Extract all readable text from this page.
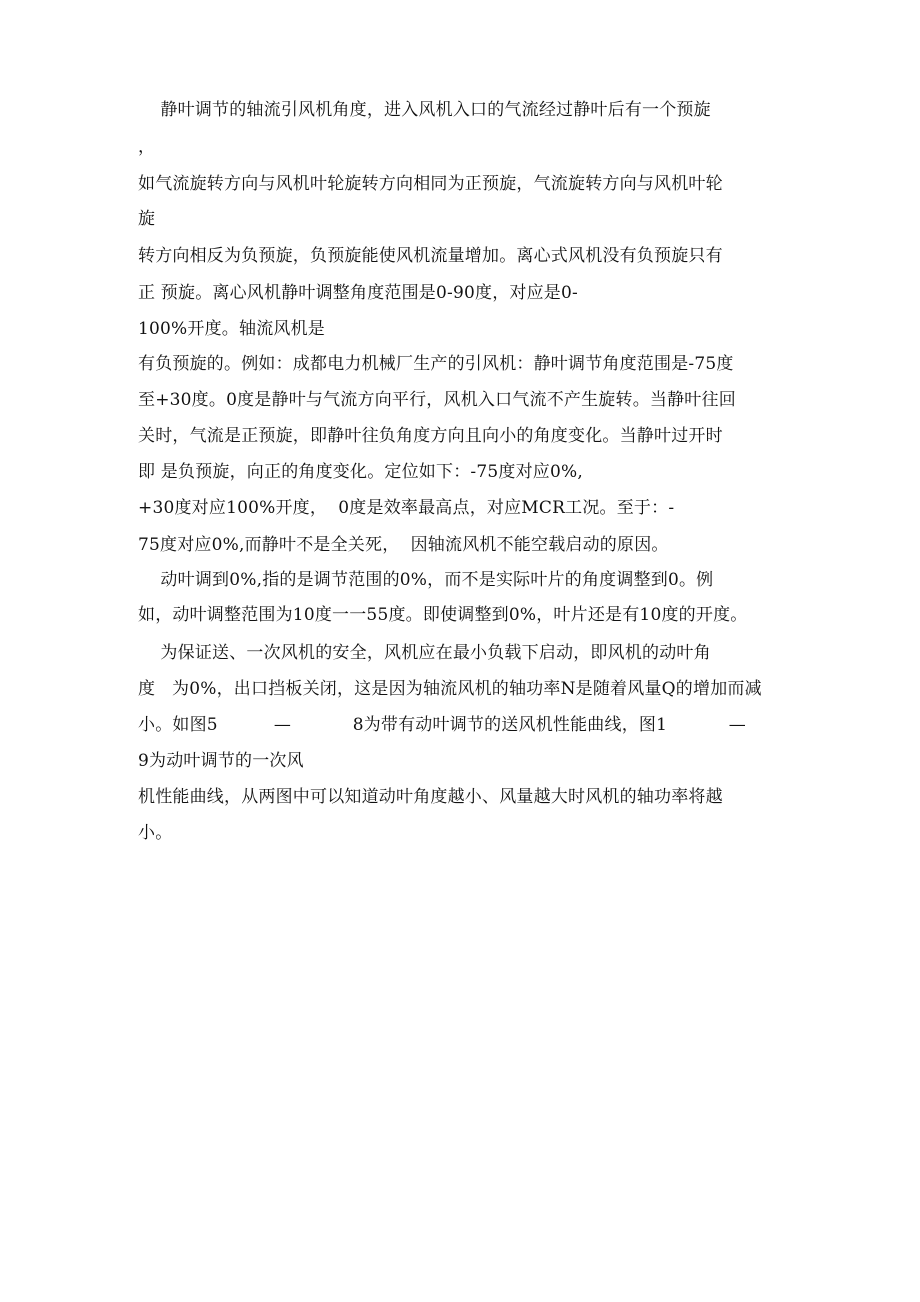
静叶调节的轴流引风机角度，进入风机入口的气流经过静叶后有一个预旋
，
如气流旋转方向与风机叶轮旋转方向相同为正预旋，气流旋转方向与风机叶轮
旋
转方向相反为负预旋，负预旋能使风机流量增加。离心式风机没有负预旋只有
正 预旋。离心风机静叶调整角度范围是0-90度，对应是0-
100%开度。轴流风机是
有负预旋的。例如：成都电力机械厂生产的引风机：静叶调节角度范围是-75度
至+30度。0度是静叶与气流方向平行，风机入口气流不产生旋转。当静叶往回
关时，气流是正预旋，即静叶往负角度方向且向小的角度变化。当静叶过开时
即 是负预旋，向正的角度变化。定位如下：-75度对应0%,
+30度对应100%开度，  0度是效率最高点，对应MCR工况。至于：-
75度对应0%,而静叶不是全关死，  因轴流风机不能空载启动的原因。
动叶调到0%,指的是调节范围的0%，而不是实际叶片的角度调整到0。例
如，动叶调整范围为10度一一55度。即使调整到0%，叶片还是有10度的开度。
为保证送、一次风机的安全，风机应在最小负载下启动，即风机的动叶角
度   为0%，出口挡板关闭，这是因为轴流风机的轴功率N是随着风量Q的增加而减
小。如图5          —           8为带有动叶调节的送风机性能曲线，图1           —
9为动叶调节的一次风
机性能曲线，从两图中可以知道动叶角度越小、风量越大时风机的轴功率将越
小。
